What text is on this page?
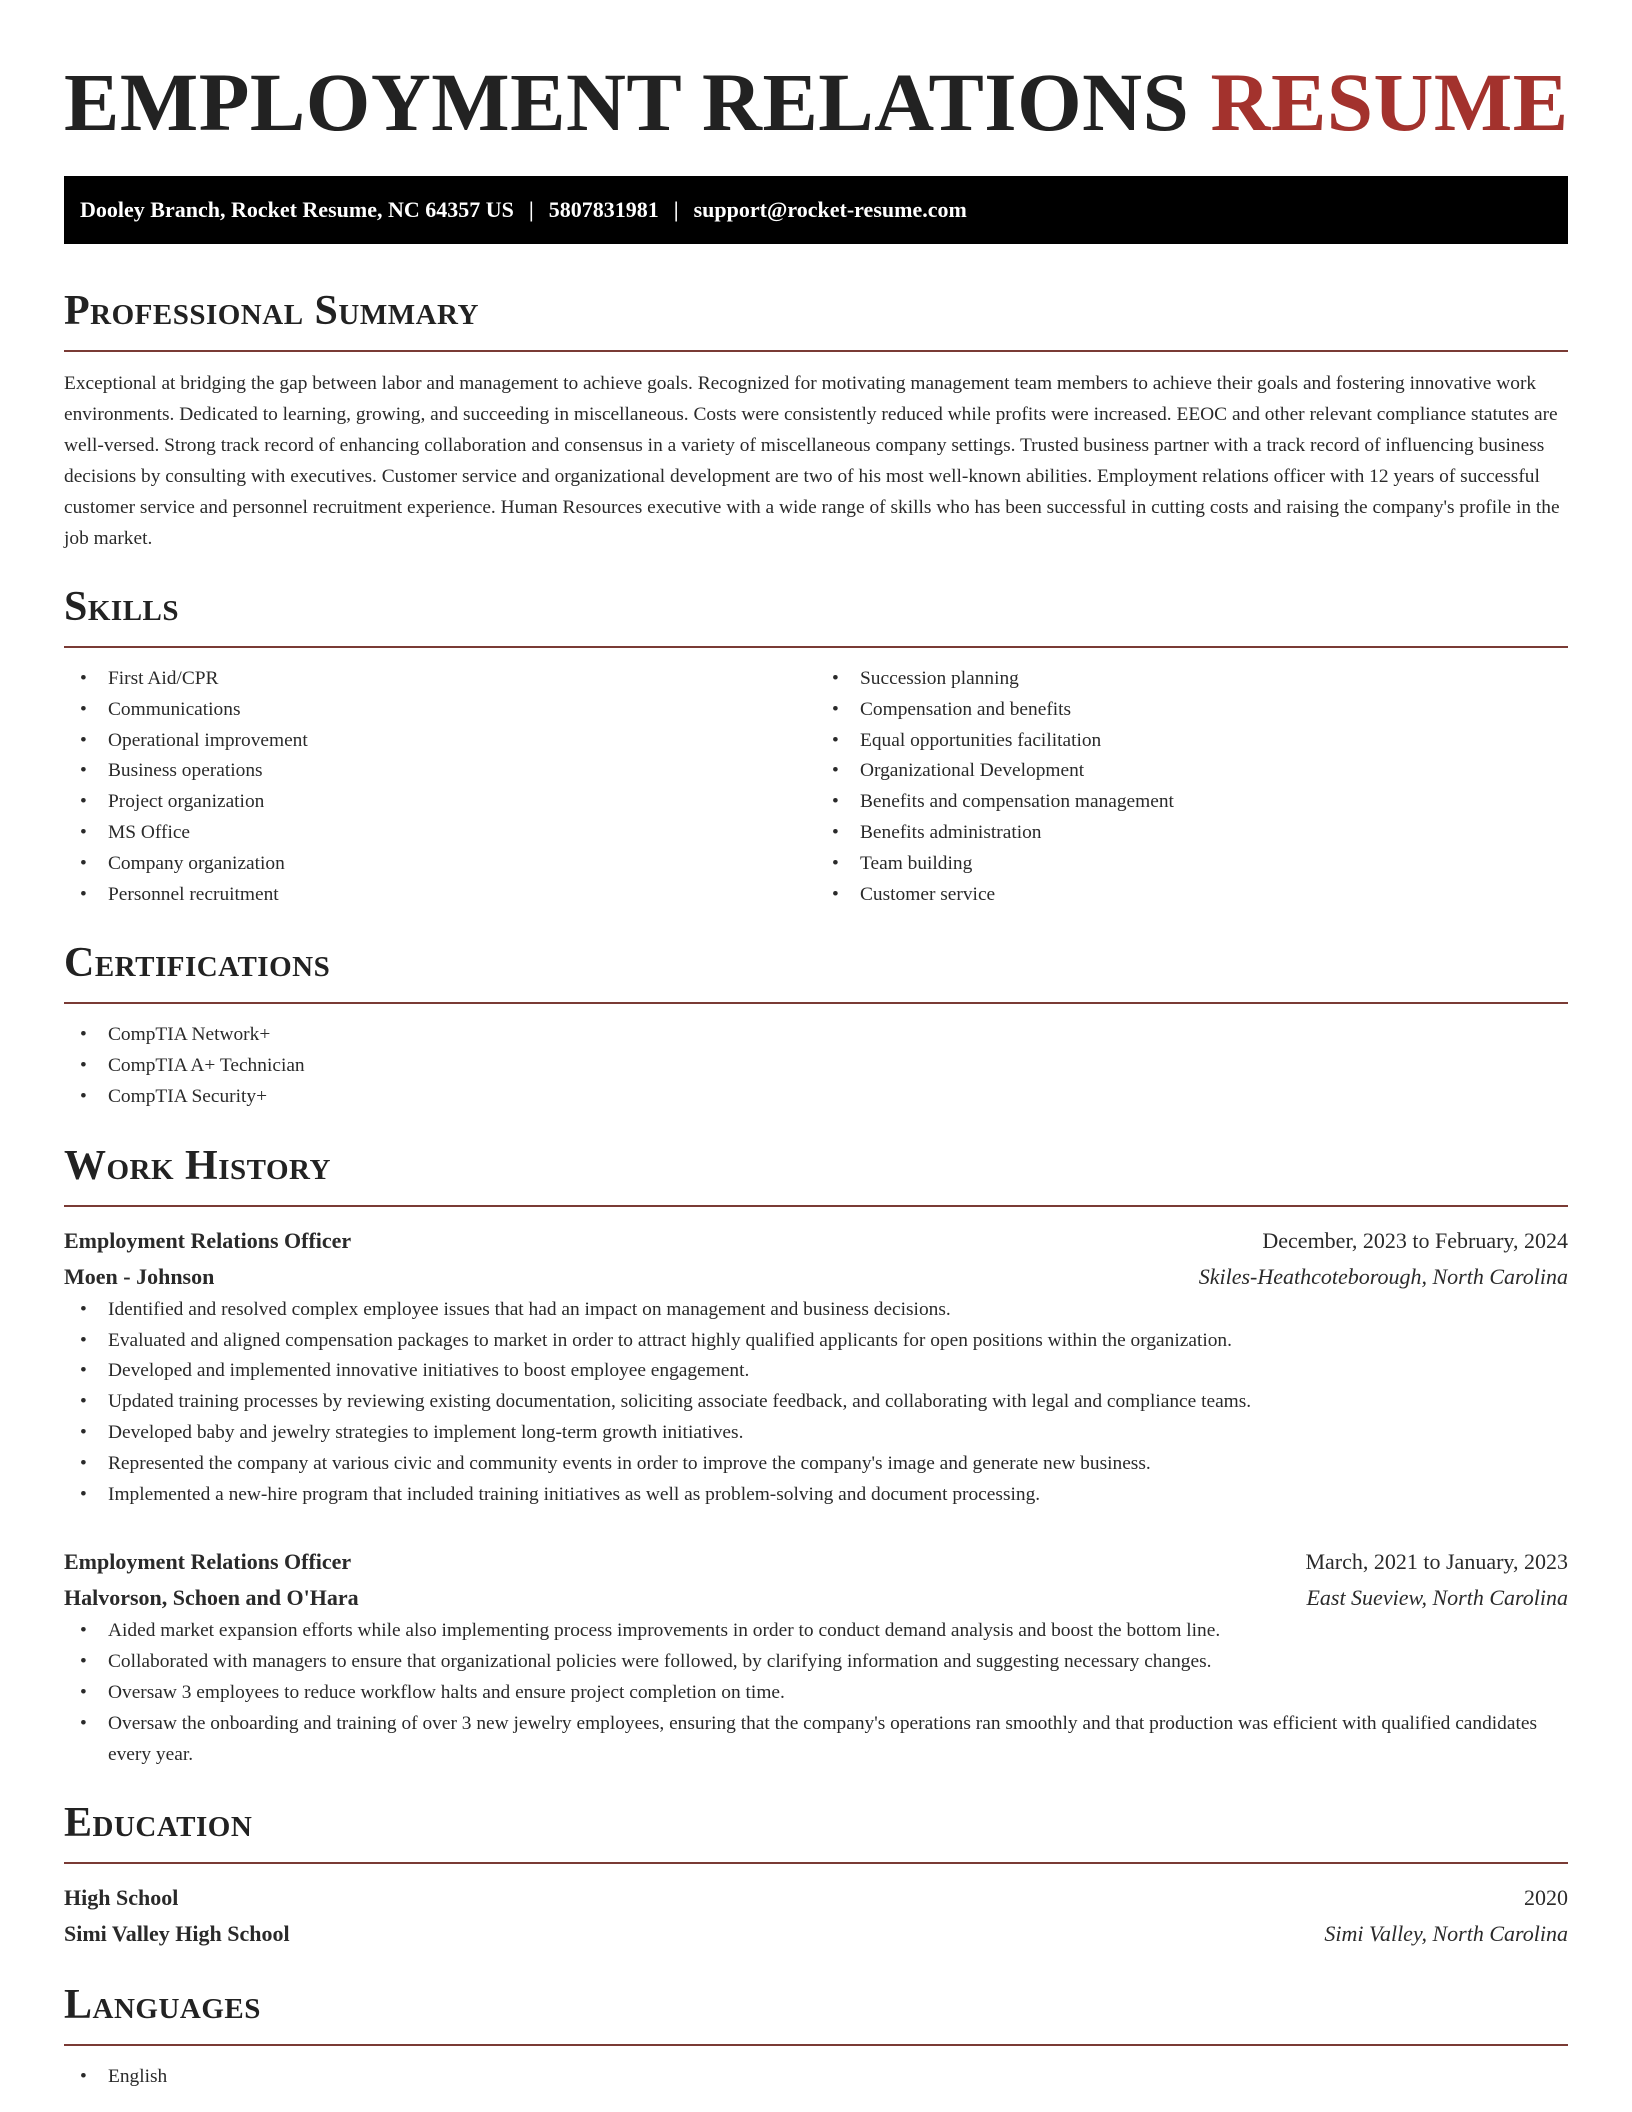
EMPLOYMENT RELATIONS RESUME
Dooley Branch, Rocket Resume, NC 64357 US | 5807831981 | support@rocket-resume.com
Professional Summary

Exceptional at bridging the gap between labor and management to achieve goals. Recognized for motivating management team members to achieve their goals and fostering innovative work environments. Dedicated to learning, growing, and succeeding in miscellaneous. Costs were consistently reduced while profits were increased. EEOC and other relevant compliance statutes are well-versed. Strong track record of enhancing collaboration and consensus in a variety of miscellaneous company settings. Trusted business partner with a track record of influencing business decisions by consulting with executives. Customer service and organizational development are two of his most well-known abilities. Employment relations officer with 12 years of successful customer service and personnel recruitment experience. Human Resources executive with a wide range of skills who has been successful in cutting costs and raising the company's profile in the job market.

Skills
• First Aid/CPR
• Communications
• Operational improvement
• Business operations
• Project organization
• MS Office
• Company organization
• Personnel recruitment
• Succession planning
• Compensation and benefits
• Equal opportunities facilitation
• Organizational Development
• Benefits and compensation management
• Benefits administration
• Team building
• Customer service
Certifications
• CompTIA Network+
• CompTIA A+ Technician
• CompTIA Security+
Work History
Employment Relations Officer	December, 2023 to February, 2024
Moen - Johnson	Skiles-Heathcoteborough, North Carolina
• Identified and resolved complex employee issues that had an impact on management and business decisions.
• Evaluated and aligned compensation packages to market in order to attract highly qualified applicants for open positions within the organization.
• Developed and implemented innovative initiatives to boost employee engagement.
• Updated training processes by reviewing existing documentation, soliciting associate feedback, and collaborating with legal and compliance teams.
• Developed baby and jewelry strategies to implement long-term growth initiatives.
• Represented the company at various civic and community events in order to improve the company's image and generate new business.
• Implemented a new-hire program that included training initiatives as well as problem-solving and document processing.
Employment Relations Officer	March, 2021 to January, 2023
Halvorson, Schoen and O'Hara	East Sueview, North Carolina
• Aided market expansion efforts while also implementing process improvements in order to conduct demand analysis and boost the bottom line.
• Collaborated with managers to ensure that organizational policies were followed, by clarifying information and suggesting necessary changes.
• Oversaw 3 employees to reduce workflow halts and ensure project completion on time.
• Oversaw the onboarding and training of over 3 new jewelry employees, ensuring that the company's operations ran smoothly and that production was efficient with qualified candidates every year.
Education
High School	2020
Simi Valley High School	Simi Valley, North Carolina
Languages
• English
